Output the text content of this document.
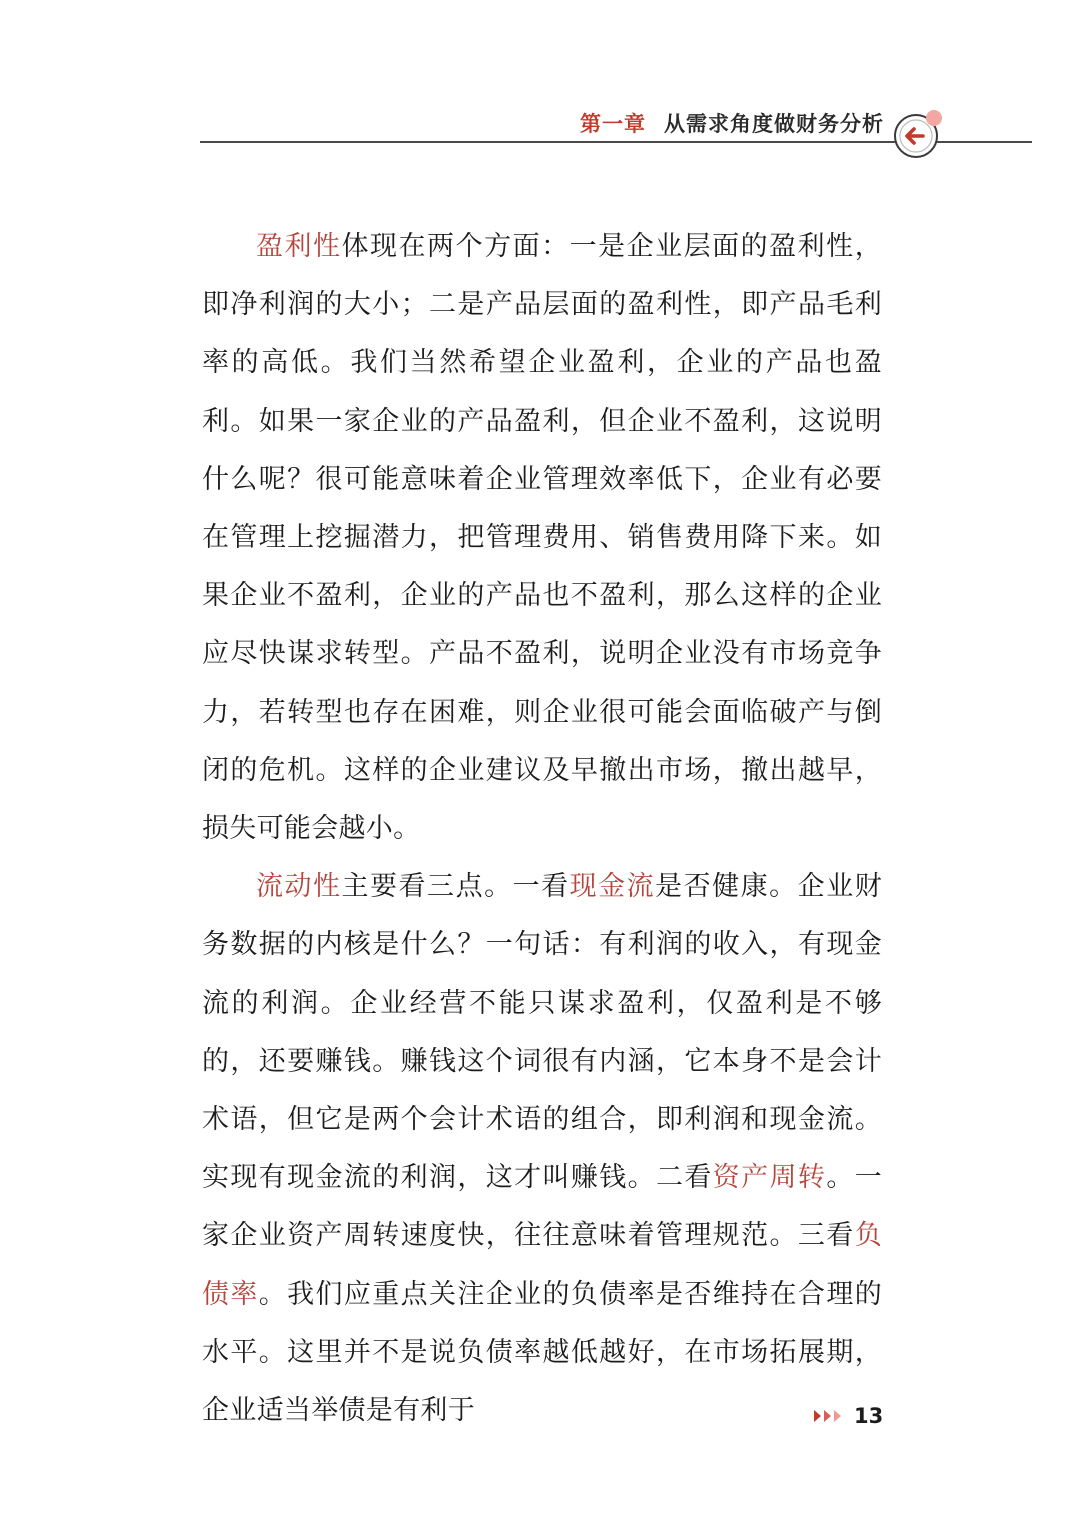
第一章 从需求角度做财务分析

盈利性体现在两个方面：一是企业层面的盈利性，即净利润的大小；二是产品层面的盈利性，即产品毛利率的高低。我们当然希望企业盈利，企业的产品也盈利。如果一家企业的产品盈利，但企业不盈利，这说明什么呢？很可能意味着企业管理效率低下，企业有必要在管理上挖掘潜力，把管理费用、销售费用降下来。如果企业不盈利，企业的产品也不盈利，那么这样的企业应尽快谋求转型。产品不盈利，说明企业没有市场竞争力，若转型也存在困难，则企业很可能会面临破产与倒闭的危机。这样的企业建议及早撤出市场，撤出越早，损失可能会越小。

流动性主要看三点。一看现金流是否健康。企业财务数据的内核是什么？一句话：有利润的收入，有现金流的利润。企业经营不能只谋求盈利，仅盈利是不够的，还要赚钱。赚钱这个词很有内涵，它本身不是会计术语，但它是两个会计术语的组合，即利润和现金流。实现有现金流的利润，这才叫赚钱。二看资产周转。一家企业资产周转速度快，往往意味着管理规范。三看负债率。我们应重点关注企业的负债率是否维持在合理的水平。这里并不是说负债率越低越好，在市场拓展期，企业适当举债是有利于	13
